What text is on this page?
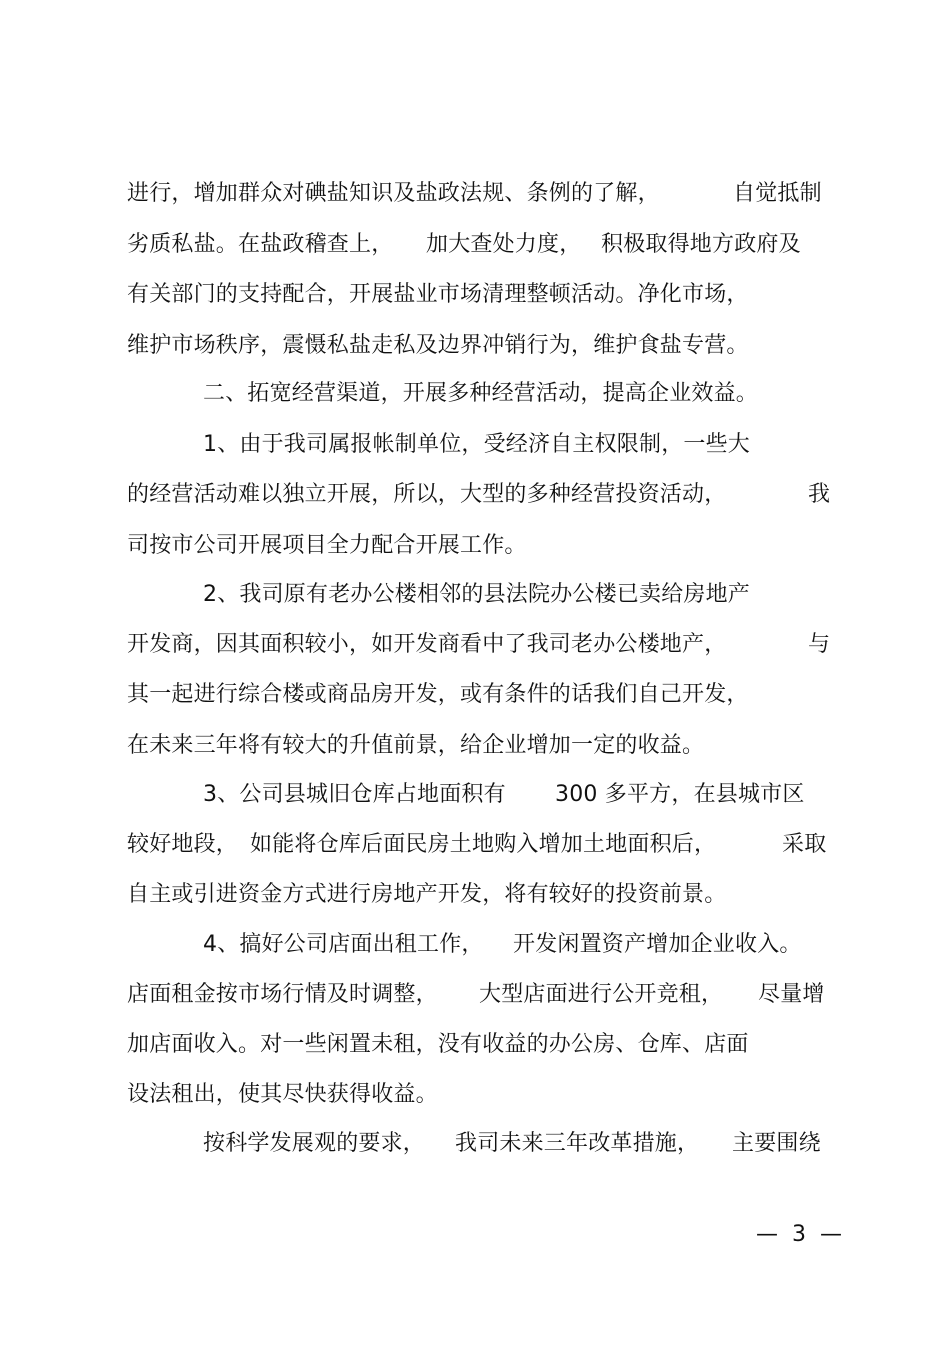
进行，增加群众对碘盐知识及盐政法规、条例的了解，

	自觉抵制

劣质私盐。在盐政稽查上，

加大查处力度，

积极取得地方政府及

有关部门的支持配合，开展盐业市场清理整顿活动。净化市场，

维护市场秩序，震慑私盐走私及边界冲销行为，维护食盐专营。

二、拓宽经营渠道，开展多种经营活动，提高企业效益。

1、由于我司属报帐制单位，受经济自主权限制，一些大

的经营活动难以独立开展，所以，大型的多种经营投资活动，

	我

司按市公司开展项目全力配合开展工作。

2、我司原有老办公楼相邻的县法院办公楼已卖给房地产

开发商，因其面积较小，如开发商看中了我司老办公楼地产，

	与

其一起进行综合楼或商品房开发，或有条件的话我们自己开发，

在未来三年将有较大的升值前景，给企业增加一定的收益。

3、公司县城旧仓库占地面积有

300 多平方，在县城市区

较好地段，

如能将仓库后面民房土地购入增加土地面积后，

	采取

自主或引进资金方式进行房地产开发，将有较好的投资前景。

4、搞好公司店面出租工作，

开发闲置资产增加企业收入。

店面租金按市场行情及时调整，

大型店面进行公开竞租，

尽量增

加店面收入。对一些闲置未租，没有收益的办公房、仓库、店面

设法租出，使其尽快获得收益。

按科学发展观的要求，

我司未来三年改革措施，

主要围绕

—  3  —
